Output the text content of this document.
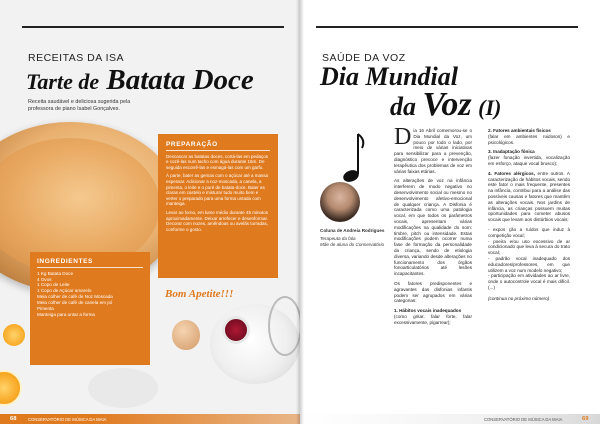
RECEITAS DA ISA
Tarte de Batata Doce
Receita saudável e deliciosa sugerida pela
professora de piano Isabel Gonçalves.
PREPARAÇÃO

Descascar as batatas doces, cortá-las em pedaços e cozê-las num tacho com água durante 15m. De seguida escorrê-las e esmagá-las com um garfo.

À parte, bater as gemas com o açúcar até a massa espessar. Adicionar a noz-moscada, a canela, a pimenta, o leite e o puré de batata-doce. Bater as claras em castelo e misturar tudo muito bem e verter o preparado para uma forma untada com manteiga.

Levar ao forno, em lume médio durante 45 minutos aproximadamente. Deixar arrefecer e desenformar. Decorar com nozes, amêndoas ou avelãs torradas, conforme o gosto.

INGREDIENTES
1 Kg Batata Doce
4 Ovos
1 Copo de Leite
1 Copo de Açúcar amarelo
Meia colher de café de Noz Moscada
Meia colher de café de canela em pó
Pimenta
Manteiga para untar a forma
Bom Apetite!!!
68	CONSERVATÓRIO DE MÚSICA DA MAIA
SAÚDE DA VOZ
Dia Mundial
da Voz (I)
Coluna de Andreia Rodrigues
Terapeuta da fala
Mãe de aluna do Conservatório

Dia 16 Abril comemorou-se o Dia Mundial da Voz, um pouco por todo o lado, por meio de várias iniciativas para sensibilizar para a prevenção, diagnóstico precoce e intervenção terapêutica dos problemas de voz em várias faixas etárias.

As alterações de voz na infância interferem de modo negativo no desenvolvimento social ou mesmo no desenvolvimento afetivo-emocional de qualquer criança. A Disfonia é caracterizada como uma patologia vocal, em que todos os parâmetros vocais, apresentam várias modificações na qualidade do som: timbre, pitch ou intensidade. Estas modificações podem ocorrer numa fase de formação da personalidade da criança, sendo de etiologia diversa, variando desde alterações no funcionamento dos órgãos fonoarticulatórios até lesões incapacitantes.

Os fatores predisponentes e agravantes das disfonias infantis podem ser agrupados em várias categorias:

1. Hábitos vocais inadequados
(como gritar, falar forte, falar excessivamente, pigarrear);
2. Fatores ambientais físicos

(falar em ambientes ruidosos) e psicológicos.

3. Inadaptação fônica

(fazer fonação invertida, vocalização em esforço, ataque vocal brusco);

4. Fatores alérgicos, entre outros. A caracterização de hábitos vocais, sendo este fator o mais frequente, presentes na infância, contribui para a análise das possíveis causas e fatores que mantêm as alterações vocais. Nos jardins de infância, as crianças possuem muitas oportunidades para cometer abusos vocais que levam aos distúrbios vocais:

- expos ção a ruídos que induz à competição vocal;
- poeira e/ou uso excessivo de ar condicionado que leva à secura do trato vocal;
- padrão vocal inadequado dos educadores/professores, em que utilizem a voz num modelo negativo;
- participação em atividades ao ar livre, onde o autocontrole vocal é mais difícil. (...)
(continua no próximo número)
CONSERVATÓRIO DE MÚSICA DA MAIA	69
